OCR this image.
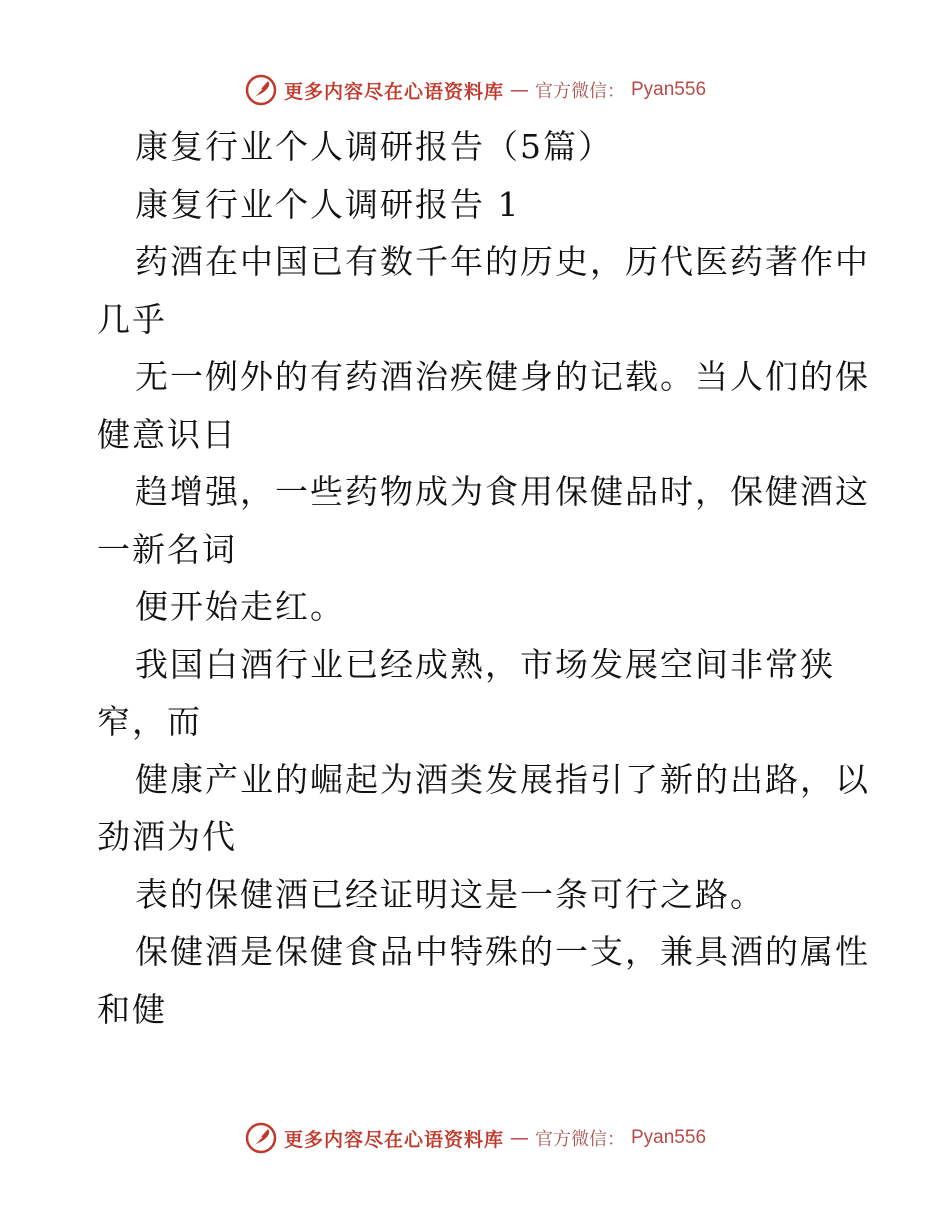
更多内容尽在心语资料库 — 官方微信： Pyan556
康复行业个人调研报告（5篇）
康复行业个人调研报告 1
药酒在中国已有数千年的历史，历代医药著作中
几乎
无一例外的有药酒治疾健身的记载。当人们的保
健意识日
趋增强，一些药物成为食用保健品时，保健酒这
一新名词
便开始走红。
我国白酒行业已经成熟，市场发展空间非常狭
窄，而
健康产业的崛起为酒类发展指引了新的出路，以
劲酒为代
表的保健酒已经证明这是一条可行之路。
保健酒是保健食品中特殊的一支，兼具酒的属性
和健
更多内容尽在心语资料库 — 官方微信： Pyan556
